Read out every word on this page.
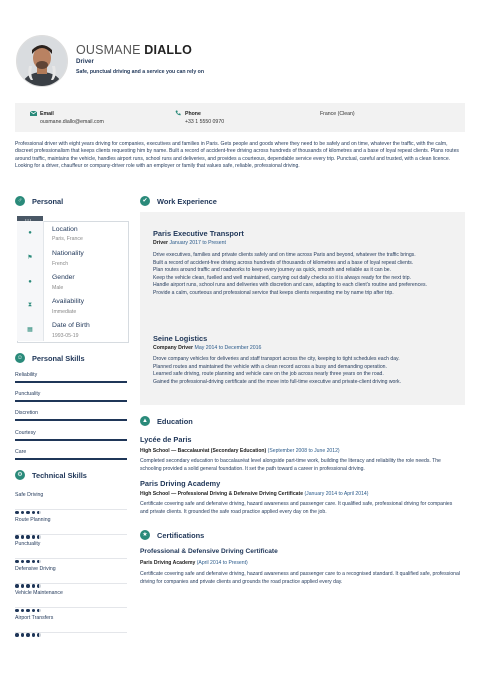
OUSMANE DIALLO
Driver
Safe, punctual driving and a service you can rely on
Email
ousmane.diallo@email.com
Phone
+33 1 5550 0970
France (Clean)
Professional driver with eight years driving for companies, executives and families in Paris. Gets people and goods where they need to be safely and on time, whatever the traffic, with the calm, discreet professionalism that keeps clients requesting him by name. Built a record of accident-free driving across hundreds of thousands of kilometres and a base of loyal repeat clients. Plans routes around traffic, maintains the vehicle, handles airport runs, school runs and deliveries, and provides a courteous, dependable service every trip. Punctual, careful and trusted, with a clean licence. Looking for a driver, chauffeur or company-driver role with an employer or family that values safe, reliable, professional driving.
♂	Personal
•••
●	Location
Paris, France
⚑
Nationality
French
●
Gender
Male
⧗	Availability
Immediate
▦
Date of Birth
1993-05-19
☺ Personal Skills
Reliability
Punctuality
Discretion
Courtesy
Care
⚙	Technical Skills
Safe Driving
Route Planning
Punctuality
Defensive Driving
Vehicle Maintenance
Airport Transfers
✔	Work Experience
Paris Executive Transport
Driver January 2017 to Present
Drive executives, families and private clients safely and on time across Paris and beyond, whatever the traffic brings.
Built a record of accident-free driving across hundreds of thousands of kilometres and a base of loyal repeat clients.
Plan routes around traffic and roadworks to keep every journey as quick, smooth and reliable as it can be.
Keep the vehicle clean, fuelled and well maintained, carrying out daily checks so it is always ready for the next trip.
Handle airport runs, school runs and deliveries with discretion and care, adapting to each client's routine and preferences.
Provide a calm, courteous and professional service that keeps clients requesting me by name trip after trip.
Seine Logistics
Company Driver May 2014 to December 2016
Drove company vehicles for deliveries and staff transport across the city, keeping to tight schedules each day.
Planned routes and maintained the vehicle with a clean record across a busy and demanding operation.
Learned safe driving, route planning and vehicle care on the job across nearly three years on the road.
Gained the professional-driving certificate and the move into full-time executive and private-client driving work.
▲ Education
Lycée de Paris
High School — Baccalauréat (Secondary Education) (September 2008 to June 2012)
Completed secondary education to baccalauréat level alongside part-time work, building the literacy and reliability the role needs. The schooling provided a solid general foundation. It set the path toward a career in professional driving.
Paris Driving Academy
High School — Professional Driving & Defensive Driving Certificate (January 2014 to April 2014)
Certificate covering safe and defensive driving, hazard awareness and passenger care. It qualified safe, professional driving for companies and private clients. It grounded the safe road practice applied every day on the job.
★	Certifications
Professional & Defensive Driving Certificate
Paris Driving Academy (April 2014 to Present)
Certificate covering safe and defensive driving, hazard awareness and passenger care to a recognised standard. It qualified safe, professional driving for companies and private clients and grounds the road practice applied every day.
